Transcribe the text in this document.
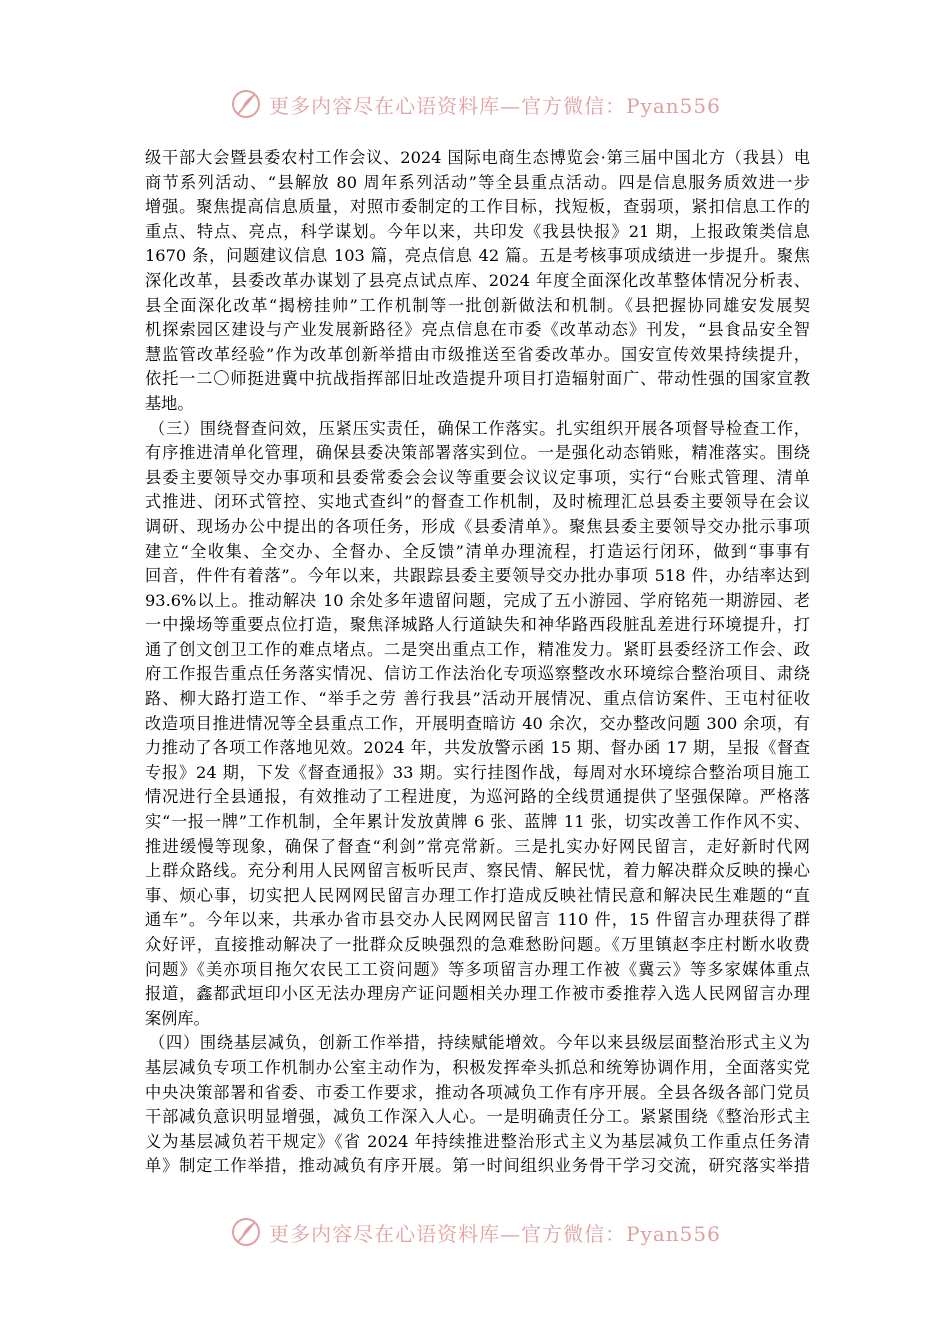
更多内容尽在心语资料库—官方微信：Pyan556
级干部大会暨县委农村工作会议、2024 国际电商生态博览会·第三届中国北方（我县）电
商节系列活动、“县解放 80 周年系列活动”等全县重点活动。四是信息服务质效进一步
增强。聚焦提高信息质量，对照市委制定的工作目标，找短板，查弱项，紧扣信息工作的
重点、特点、亮点，科学谋划。今年以来，共印发《我县快报》21 期，上报政策类信息
1670 条，问题建议信息 103 篇，亮点信息 42 篇。五是考核事项成绩进一步提升。聚焦
深化改革，县委改革办谋划了县亮点试点库、2024 年度全面深化改革整体情况分析表、
县全面深化改革“揭榜挂帅”工作机制等一批创新做法和机制。《县把握协同雄安发展契
机探索园区建设与产业发展新路径》亮点信息在市委《改革动态》刊发，“县食品安全智
慧监管改革经验”作为改革创新举措由市级推送至省委改革办。国安宣传效果持续提升，
依托一二〇师挺进冀中抗战指挥部旧址改造提升项目打造辐射面广、带动性强的国家宣教
基地。
（三）围绕督查问效，压紧压实责任，确保工作落实。扎实组织开展各项督导检查工作，
有序推进清单化管理，确保县委决策部署落实到位。一是强化动态销账，精准落实。围绕
县委主要领导交办事项和县委常委会会议等重要会议议定事项，实行“台账式管理、清单
式推进、闭环式管控、实地式查纠”的督查工作机制，及时梳理汇总县委主要领导在会议
调研、现场办公中提出的各项任务，形成《县委清单》。聚焦县委主要领导交办批示事项
建立“全收集、全交办、全督办、全反馈”清单办理流程，打造运行闭环，做到“事事有
回音，件件有着落”。今年以来，共跟踪县委主要领导交办批办事项 518 件，办结率达到
93.6%以上。推动解决 10 余处多年遗留问题，完成了五小游园、学府铭苑一期游园、老
一中操场等重要点位打造，聚焦泽城路人行道缺失和神华路西段脏乱差进行环境提升，打
通了创文创卫工作的难点堵点。二是突出重点工作，精准发力。紧盯县委经济工作会、政
府工作报告重点任务落实情况、信访工作法治化专项巡察整改水环境综合整治项目、肃绕
路、柳大路打造工作、“举手之劳 善行我县”活动开展情况、重点信访案件、王屯村征收
改造项目推进情况等全县重点工作，开展明查暗访 40 余次，交办整改问题 300 余项，有
力推动了各项工作落地见效。2024 年，共发放警示函 15 期、督办函 17 期，呈报《督查
专报》24 期，下发《督查通报》33 期。实行挂图作战，每周对水环境综合整治项目施工
情况进行全县通报，有效推动了工程进度，为巡河路的全线贯通提供了坚强保障。严格落
实“一报一牌”工作机制，全年累计发放黄牌 6 张、蓝牌 11 张，切实改善工作作风不实、
推进缓慢等现象，确保了督查“利剑”常亮常新。三是扎实办好网民留言，走好新时代网
上群众路线。充分利用人民网留言板听民声、察民情、解民忧，着力解决群众反映的操心
事、烦心事，切实把人民网网民留言办理工作打造成反映社情民意和解决民生难题的“直
通车”。今年以来，共承办省市县交办人民网网民留言 110 件，15 件留言办理获得了群
众好评，直接推动解决了一批群众反映强烈的急难愁盼问题。《万里镇赵李庄村断水收费
问题》《美亦项目拖欠农民工工资问题》等多项留言办理工作被《冀云》等多家媒体重点
报道，鑫都武垣印小区无法办理房产证问题相关办理工作被市委推荐入选人民网留言办理
案例库。
（四）围绕基层减负，创新工作举措，持续赋能增效。今年以来县级层面整治形式主义为
基层减负专项工作机制办公室主动作为，积极发挥牵头抓总和统筹协调作用，全面落实党
中央决策部署和省委、市委工作要求，推动各项减负工作有序开展。全县各级各部门党员
干部减负意识明显增强，减负工作深入人心。一是明确责任分工。紧紧围绕《整治形式主
义为基层减负若干规定》《省 2024 年持续推进整治形式主义为基层减负工作重点任务清
单》制定工作举措，推动减负有序开展。第一时间组织业务骨干学习交流，研究落实举措
更多内容尽在心语资料库—官方微信：Pyan556
